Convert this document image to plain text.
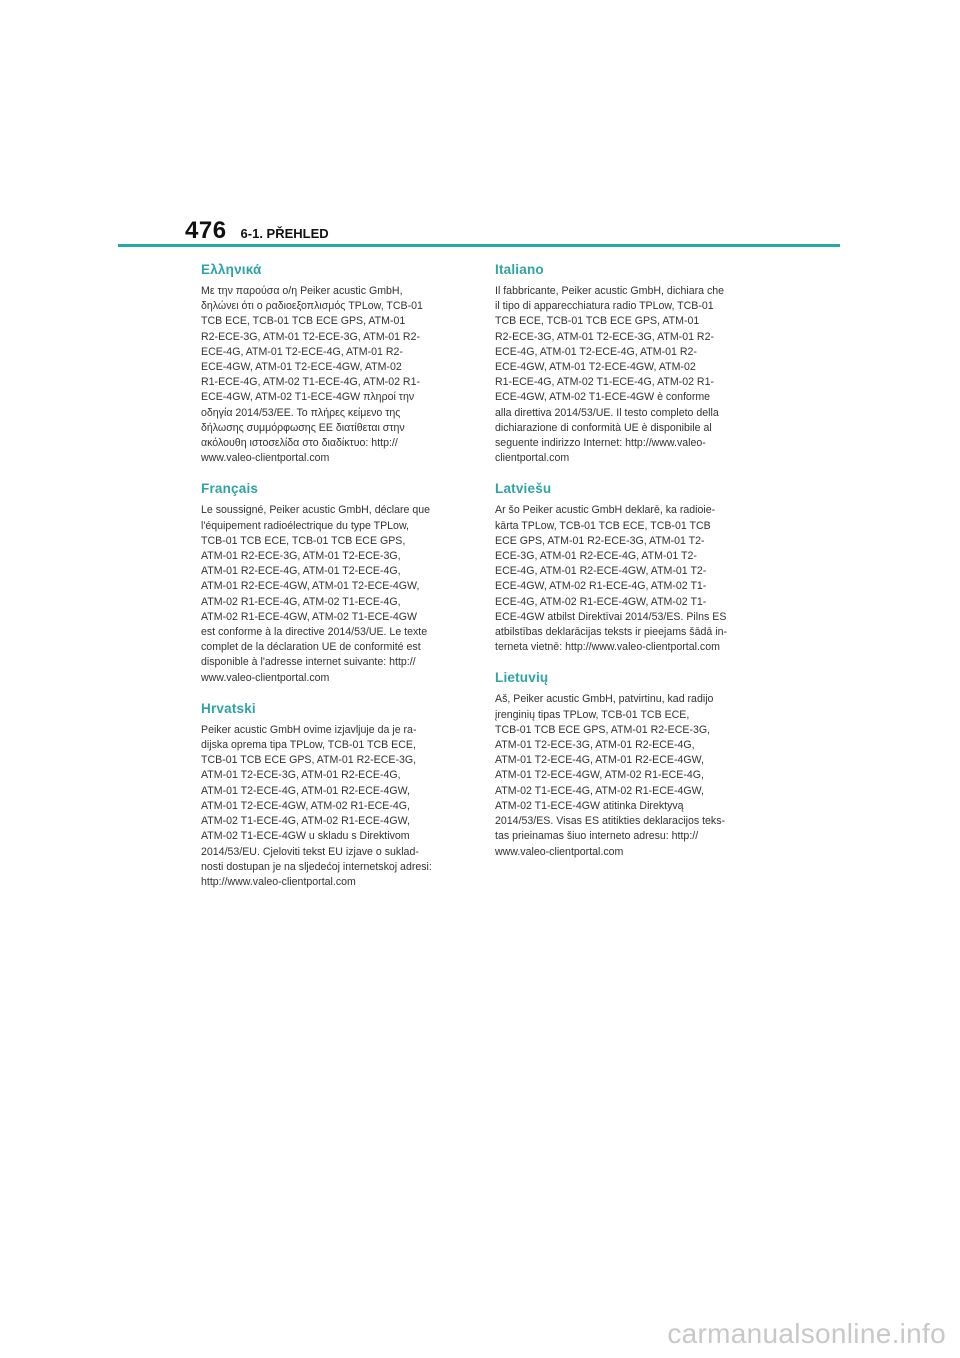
476 6-1. PŘEHLED
Ελληνικά

Με την παρούσα ο/η Peiker acustic GmbH,
δηλώνει ότι ο ραδιοεξοπλισμός TPLow, TCB-01
TCB ECE, TCB-01 TCB ECE GPS, ATM-01
R2-ECE-3G, ATM-01 T2-ECE-3G, ATM-01 R2-
ECE-4G, ATM-01 T2-ECE-4G, ATM-01 R2-
ECE-4GW, ATM-01 T2-ECE-4GW, ATM-02
R1-ECE-4G, ATM-02 T1-ECE-4G, ATM-02 R1-
ECE-4GW, ATM-02 T1-ECE-4GW πληροί την
οδηγία 2014/53/ΕΕ. Το πλήρες κείμενο της
δήλωσης συμμόρφωσης ΕΕ διατίθεται στην
ακόλουθη ιστοσελίδα στο διαδίκτυο: http://
www.valeo-clientportal.com

Français

Le soussigné, Peiker acustic GmbH, déclare que
l'équipement radioélectrique du type TPLow,
TCB-01 TCB ECE, TCB-01 TCB ECE GPS,
ATM-01 R2-ECE-3G, ATM-01 T2-ECE-3G,
ATM-01 R2-ECE-4G, ATM-01 T2-ECE-4G,
ATM-01 R2-ECE-4GW, ATM-01 T2-ECE-4GW,
ATM-02 R1-ECE-4G, ATM-02 T1-ECE-4G,
ATM-02 R1-ECE-4GW, ATM-02 T1-ECE-4GW
est conforme à la directive 2014/53/UE. Le texte
complet de la déclaration UE de conformité est
disponible à l'adresse internet suivante: http://
www.valeo-clientportal.com

Hrvatski

Peiker acustic GmbH ovime izjavljuje da je ra-
dijska oprema tipa TPLow, TCB-01 TCB ECE,
TCB-01 TCB ECE GPS, ATM-01 R2-ECE-3G,
ATM-01 T2-ECE-3G, ATM-01 R2-ECE-4G,
ATM-01 T2-ECE-4G, ATM-01 R2-ECE-4GW,
ATM-01 T2-ECE-4GW, ATM-02 R1-ECE-4G,
ATM-02 T1-ECE-4G, ATM-02 R1-ECE-4GW,
ATM-02 T1-ECE-4GW u skladu s Direktivom
2014/53/EU. Cjeloviti tekst EU izjave o suklad-
nosti dostupan je na sljedećoj internetskoj adresi:
http://www.valeo-clientportal.com

Italiano

Il fabbricante, Peiker acustic GmbH, dichiara che
il tipo di apparecchiatura radio TPLow, TCB-01
TCB ECE, TCB-01 TCB ECE GPS, ATM-01
R2-ECE-3G, ATM-01 T2-ECE-3G, ATM-01 R2-
ECE-4G, ATM-01 T2-ECE-4G, ATM-01 R2-
ECE-4GW, ATM-01 T2-ECE-4GW, ATM-02
R1-ECE-4G, ATM-02 T1-ECE-4G, ATM-02 R1-
ECE-4GW, ATM-02 T1-ECE-4GW è conforme
alla direttiva 2014/53/UE. Il testo completo della
dichiarazione di conformità UE è disponibile al
seguente indirizzo Internet: http://www.valeo-
clientportal.com

Latviešu

Ar šo Peiker acustic GmbH deklarē, ka radioie-
kārta TPLow, TCB-01 TCB ECE, TCB-01 TCB
ECE GPS, ATM-01 R2-ECE-3G, ATM-01 T2-
ECE-3G, ATM-01 R2-ECE-4G, ATM-01 T2-
ECE-4G, ATM-01 R2-ECE-4GW, ATM-01 T2-
ECE-4GW, ATM-02 R1-ECE-4G, ATM-02 T1-
ECE-4G, ATM-02 R1-ECE-4GW, ATM-02 T1-
ECE-4GW atbilst Direktīvai 2014/53/ES. Pilns ES
atbilstības deklarācijas teksts ir pieejams šādā in-
terneta vietnē: http://www.valeo-clientportal.com

Lietuvių

Aš, Peiker acustic GmbH, patvirtinu, kad radijo
įrenginių tipas TPLow, TCB-01 TCB ECE,
TCB-01 TCB ECE GPS, ATM-01 R2-ECE-3G,
ATM-01 T2-ECE-3G, ATM-01 R2-ECE-4G,
ATM-01 T2-ECE-4G, ATM-01 R2-ECE-4GW,
ATM-01 T2-ECE-4GW, ATM-02 R1-ECE-4G,
ATM-02 T1-ECE-4G, ATM-02 R1-ECE-4GW,
ATM-02 T1-ECE-4GW atitinka Direktyvą
2014/53/ES. Visas ES atitikties deklaracijos teks-
tas prieinamas šiuo interneto adresu: http://
www.valeo-clientportal.com

carmanualsonline.info
